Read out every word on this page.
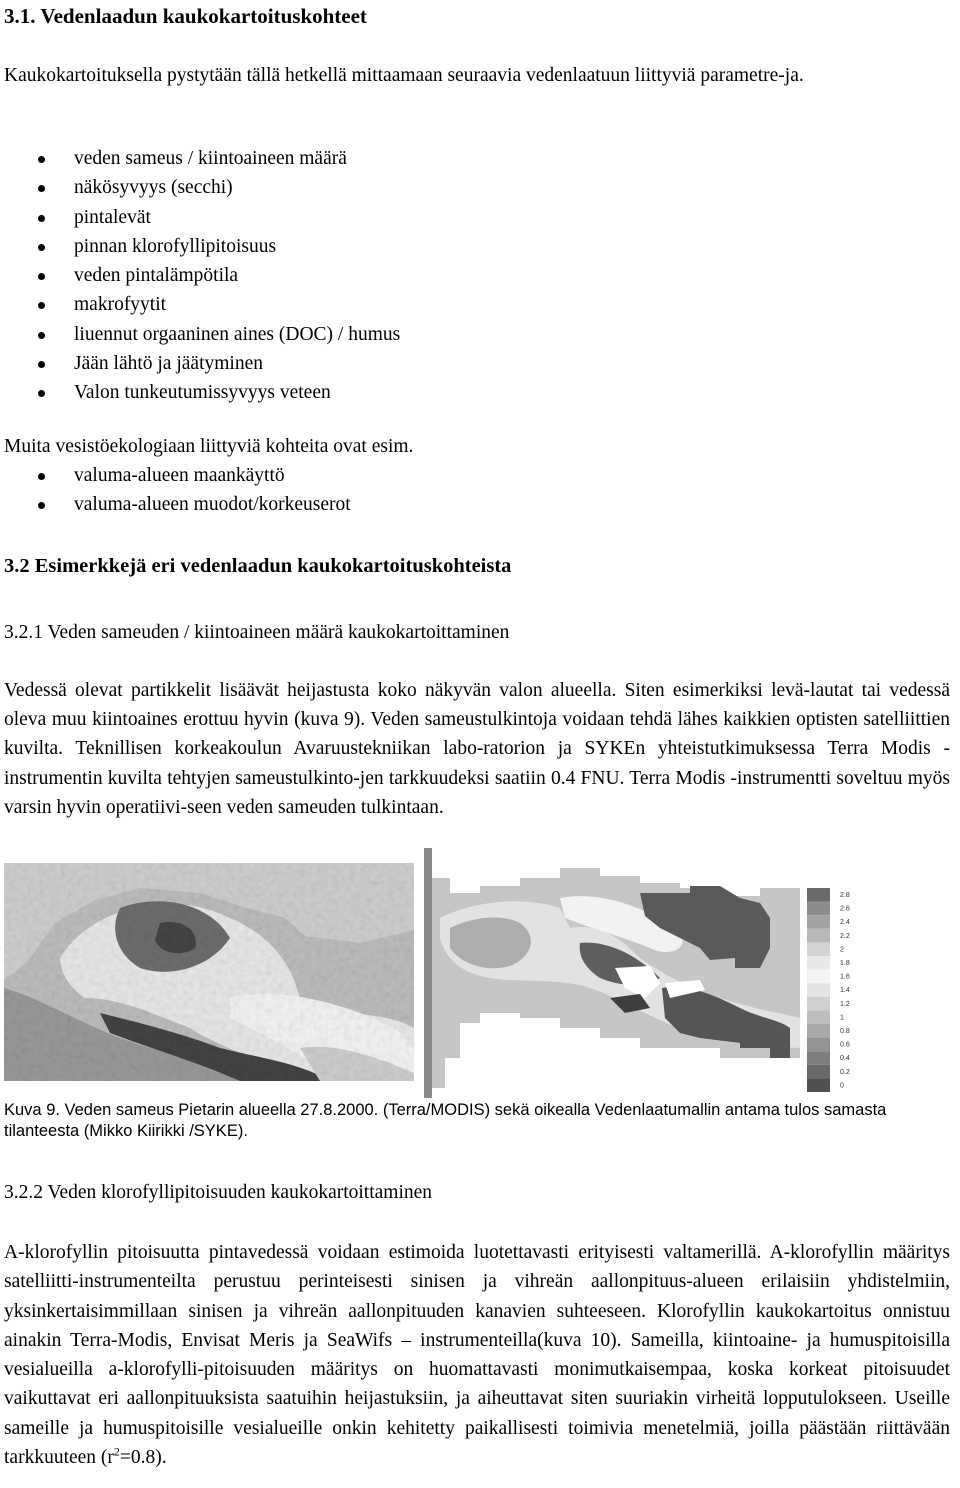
3.1. Vedenlaadun kaukokartoituskohteet

Kaukokartoituksella pystytään tällä hetkellä mittaamaan seuraavia vedenlaatuun liittyviä parametre-ja.

veden sameus / kiintoaineen määrä
näkösyvyys (secchi)
pintalevät
pinnan klorofyllipitoisuus
veden pintalämpötila
makrofyytit
liuennut orgaaninen aines (DOC) / humus
Jään lähtö ja jäätyminen
Valon tunkeutumissyvyys veteen

Muita vesistöekologiaan liittyviä kohteita ovat esim.

valuma-alueen maankäyttö
valuma-alueen muodot/korkeuserot
3.2 Esimerkkejä eri vedenlaadun kaukokartoituskohteista

3.2.1 Veden sameuden / kiintoaineen määrä kaukokartoittaminen

Vedessä olevat partikkelit lisäävät heijastusta koko näkyvän valon alueella. Siten esimerkiksi levä-lautat tai vedessä oleva muu kiintoaines erottuu hyvin (kuva 9). Veden sameustulkintoja voidaan tehdä lähes kaikkien optisten satelliittien kuvilta. Teknillisen korkeakoulun Avaruustekniikan labo-ratorion ja SYKEn yhteistutkimuksessa Terra Modis -instrumentin kuvilta tehtyjen sameustulkinto-jen tarkkuudeksi saatiin 0.4 FNU. Terra Modis -instrumentti soveltuu myös varsin hyvin operatiivi-seen veden sameuden tulkintaan.

2.8
2.6
2.4
2.2
2
1.8
1.6
1.4
1.2
1
0.8
0.6
0.4
0.2
0

Kuva 9. Veden sameus Pietarin alueella 27.8.2000. (Terra/MODIS) sekä oikealla Vedenlaatumallin antama tulos samasta tilanteesta (Mikko Kiirikki /SYKE).

3.2.2 Veden klorofyllipitoisuuden kaukokartoittaminen

A-klorofyllin pitoisuutta pintavedessä voidaan estimoida luotettavasti erityisesti valtamerillä. A-klorofyllin määritys satelliitti-instrumenteilta perustuu perinteisesti sinisen ja vihreän aallonpituus-alueen erilaisiin yhdistelmiin, yksinkertaisimmillaan sinisen ja vihreän aallonpituuden kanavien suhteeseen. Klorofyllin kaukokartoitus onnistuu ainakin Terra-Modis, Envisat Meris ja SeaWifs – instrumenteilla(kuva 10). Sameilla, kiintoaine- ja humuspitoisilla vesialueilla a-klorofylli-pitoisuuden määritys on huomattavasti monimutkaisempaa, koska korkeat pitoisuudet vaikuttavat eri aallonpituuksista saatuihin heijastuksiin, ja aiheuttavat siten suuriakin virheitä lopputulokseen. Useille sameille ja humuspitoisille vesialueille onkin kehitetty paikallisesti toimivia menetelmiä, joilla päästään riittävään tarkkuuteen $(r^2=0.8)$.
